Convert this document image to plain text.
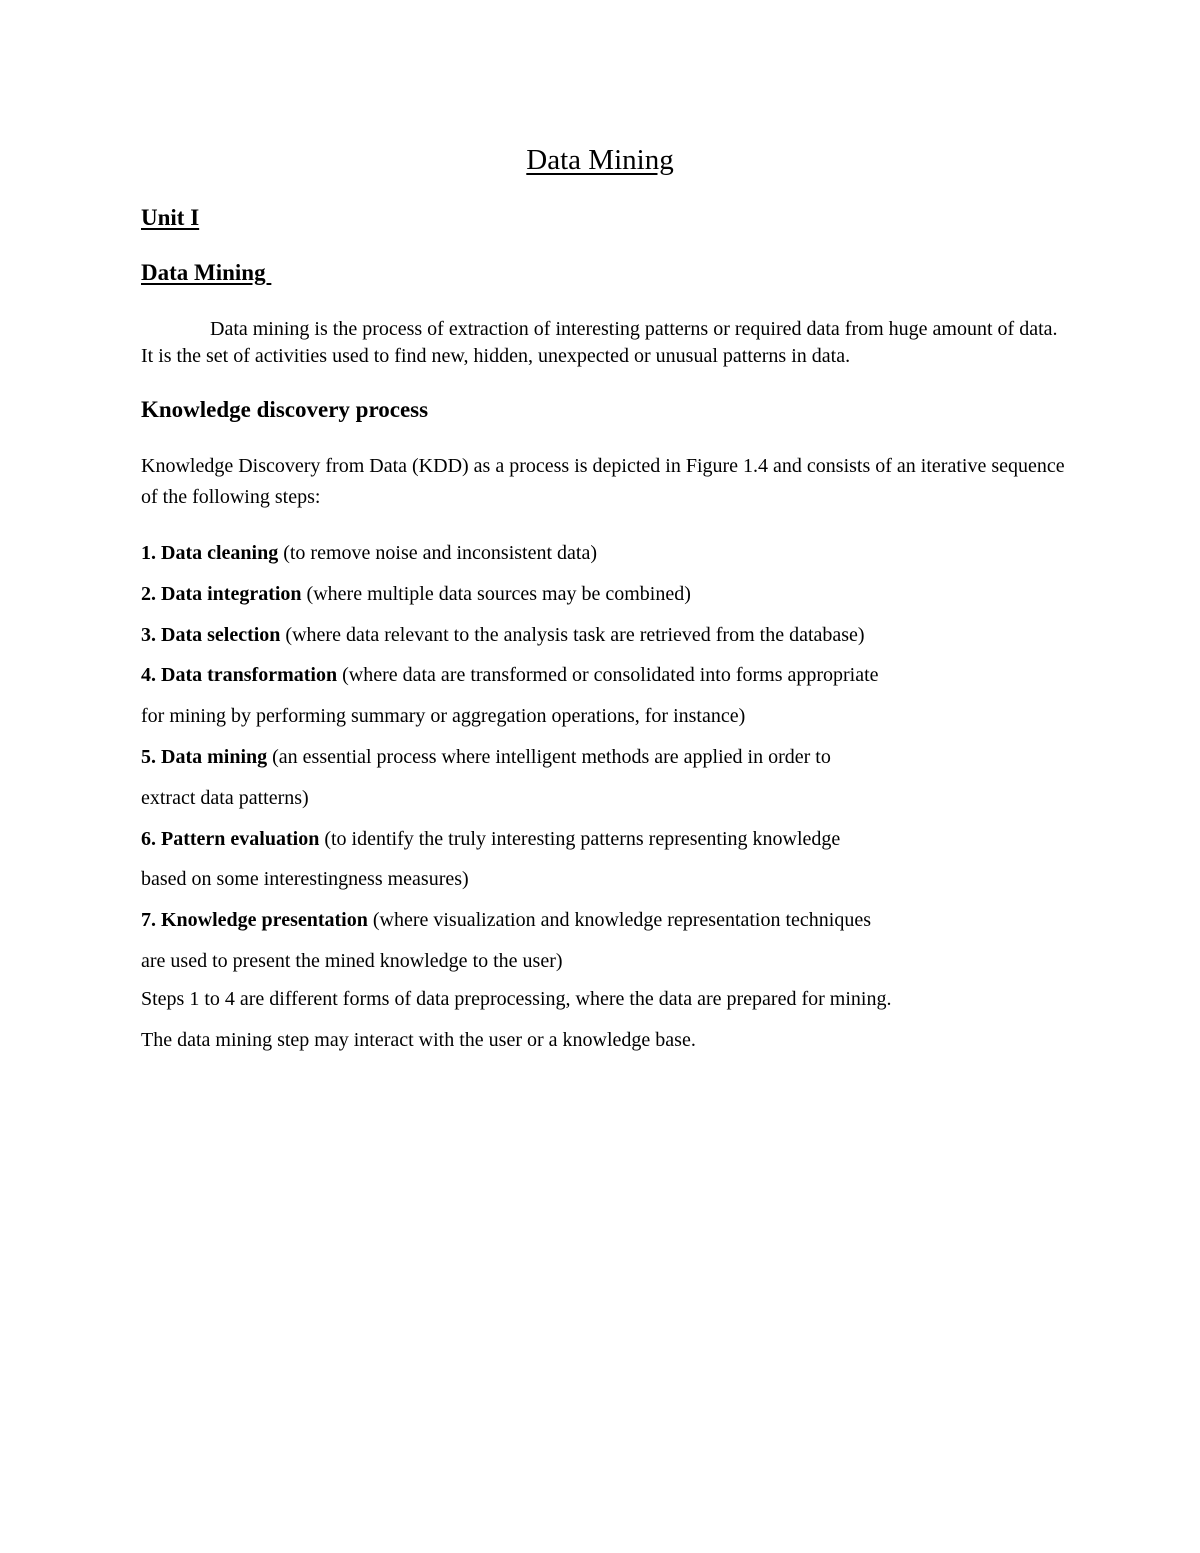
Data Mining
Unit I
Data Mining

Data mining is the process of extraction of interesting patterns or required data from huge amount of data. It is the set of activities used to find new, hidden, unexpected or unusual patterns in data.

Knowledge discovery process

Knowledge Discovery from Data (KDD) as a process is depicted in Figure 1.4 and consists of an iterative sequence of the following steps:

1. Data cleaning (to remove noise and inconsistent data)
2. Data integration (where multiple data sources may be combined)
3. Data selection (where data relevant to the analysis task are retrieved from the database)
4. Data transformation (where data are transformed or consolidated into forms appropriate
for mining by performing summary or aggregation operations, for instance)
5. Data mining (an essential process where intelligent methods are applied in order to
extract data patterns)
6. Pattern evaluation (to identify the truly interesting patterns representing knowledge
based on some interestingness measures)
7. Knowledge presentation (where visualization and knowledge representation techniques
are used to present the mined knowledge to the user)

Steps 1 to 4 are different forms of data preprocessing, where the data are prepared for mining.
The data mining step may interact with the user or a knowledge base.
